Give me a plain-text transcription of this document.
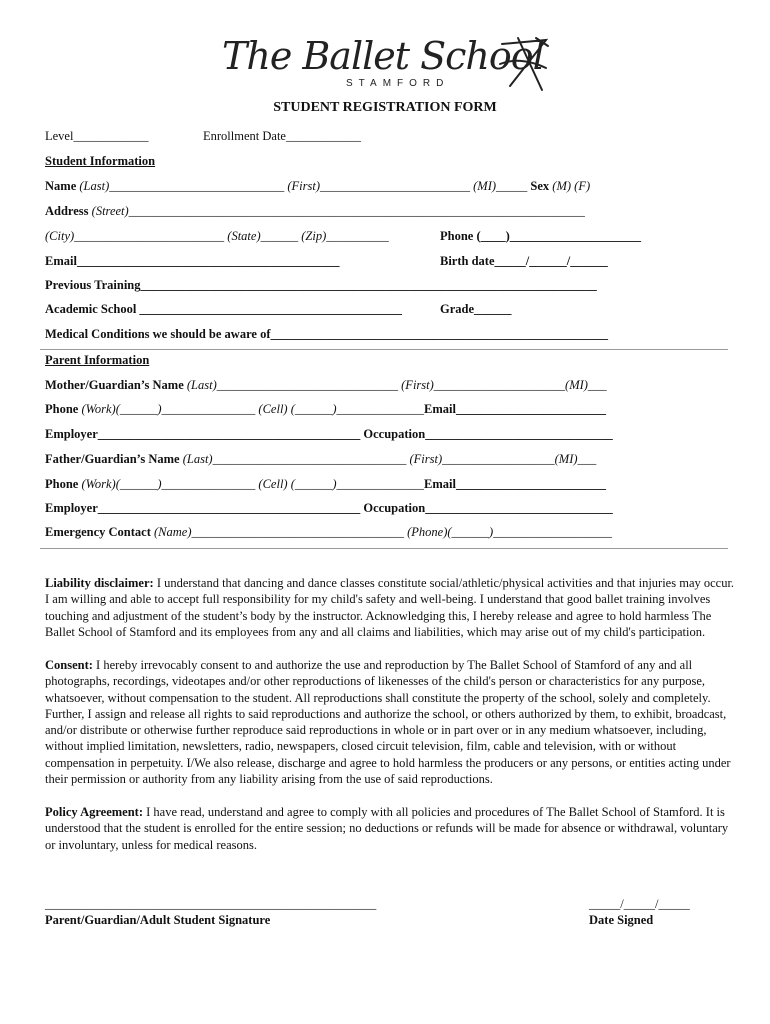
The Ballet School
STAMFORD
STUDENT REGISTRATION FORM
Level____________	Enrollment Date____________
Student Information
Name (Last)____________________________ (First)________________________ (MI)_____ Sex (M) (F)
Address (Street)_________________________________________________________________________
(City)________________________ (State)______ (Zip)__________	Phone (____)_____________________
Email__________________________________________	Birth date_____/______/______
Previous Training_________________________________________________________________________
Academic School __________________________________________	Grade______
Medical Conditions we should be aware of______________________________________________________
Parent Information
Mother/Guardian’s Name (Last)_____________________________ (First)_____________________(MI)___
Phone (Work)(______)_______________ (Cell) (______)______________Email________________________
Employer__________________________________________ Occupation______________________________
Father/Guardian’s Name (Last)_______________________________ (First)__________________(MI)___
Phone (Work)(______)_______________ (Cell) (______)______________Email________________________
Employer__________________________________________ Occupation______________________________
Emergency Contact (Name)__________________________________ (Phone)(______)___________________
Liability disclaimer: I understand that dancing and dance classes constitute social/athletic/physical activities and that injuries may occur. I am willing and able to accept full responsibility for my child's safety and well-being. I understand that good ballet training involves touching and adjustment of the student’s body by the instructor. Acknowledging this, I hereby release and agree to hold harmless The Ballet School of Stamford and its employees from any and all claims and liabilities, which may arise out of my child's participation.
Consent: I hereby irrevocably consent to and authorize the use and reproduction by The Ballet School of Stamford of any and all photographs, recordings, videotapes and/or other reproductions of likenesses of the child's person or characteristics for any purpose, whatsoever, without compensation to the student. All reproductions shall constitute the property of the school, solely and completely. Further, I assign and release all rights to said reproductions and authorize the school, or others authorized by them, to exhibit, broadcast, and/or distribute or otherwise further reproduce said reproductions in whole or in part over or in any medium whatsoever, including, without implied limitation, newsletters, radio, newspapers, closed circuit television, film, cable and television, with or without compensation in perpetuity. I/We also release, discharge and agree to hold harmless the producers or any persons, or entities acting under their permission or authority from any liability arising from the use of said reproductions.
Policy Agreement: I have read, understand and agree to comply with all policies and procedures of The Ballet School of Stamford. It is understood that the student is enrolled for the entire session; no deductions or refunds will be made for absence or withdrawal, voluntary or involuntary, unless for medical reasons.
_____________________________________________________
Parent/Guardian/Adult Student Signature
_____/_____/_____
Date Signed
